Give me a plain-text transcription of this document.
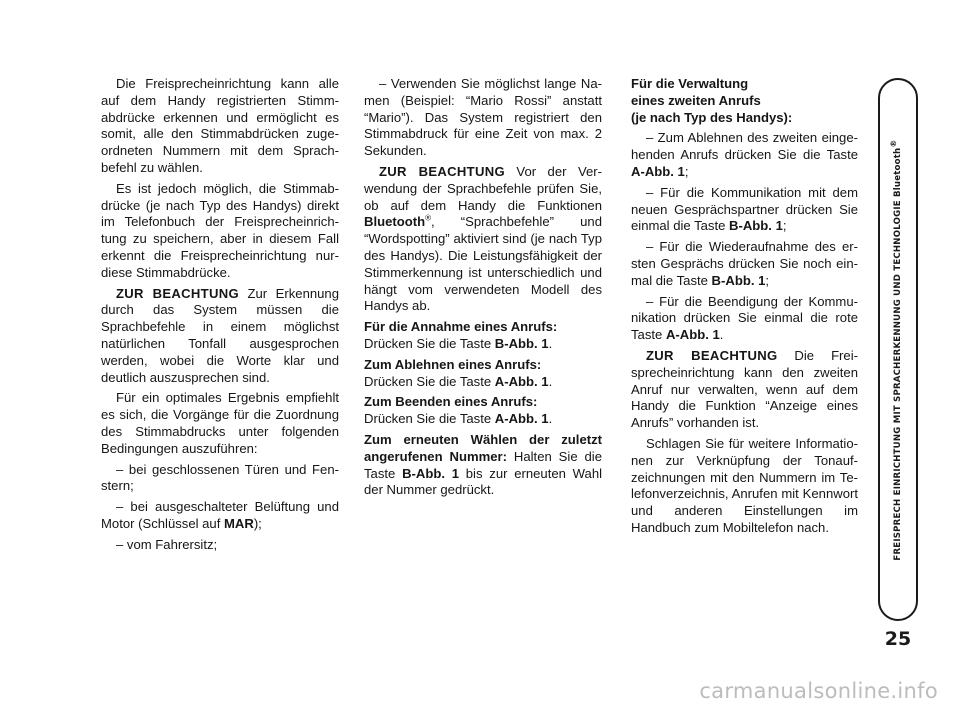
Die Freisprecheinrichtung kann alle auf dem Handy registrierten Stimmabdrücke erkennen und ermöglicht es somit, alle den Stimmabdrücken zugeordneten Nummern mit dem Sprachbefehl zu wählen.

Es ist jedoch möglich, die Stimmabdrücke (je nach Typ des Handys) direkt im Telefonbuch der Freisprecheinrichtung zu speichern, aber in diesem Fall erkennt die Freisprecheinrichtung nurdiese Stimmabdrücke.

ZUR BEACHTUNG Zur Erkennung durch das System müssen die Sprachbefehle in einem möglichst natürlichen Tonfall ausgesprochen werden, wobei die Worte klar und deutlich auszusprechen sind.

Für ein optimales Ergebnis empfiehlt es sich, die Vorgänge für die Zuordnung des Stimmabdrucks unter folgenden Bedingungen auszuführen:

– bei geschlossenen Türen und Fenstern;

– bei ausgeschalteter Belüftung und Motor (Schlüssel auf MAR);

– vom Fahrersitz;

– Verwenden Sie möglichst lange Namen (Beispiel: “Mario Rossi” anstatt “Mario”). Das System registriert den Stimmabdruck für eine Zeit von max. 2 Sekunden.

ZUR BEACHTUNG Vor der Verwendung der Sprachbefehle prüfen Sie, ob auf dem Handy die Funktionen Bluetooth®, “Sprachbefehle” und “Wordspotting” aktiviert sind (je nach Typ des Handys). Die Leistungsfähigkeit der Stimmerkennung ist unterschiedlich und hängt vom verwendeten Modell des Handys ab.

Für die Annahme eines Anrufs:
Drücken Sie die Taste B-Abb. 1.

Zum Ablehnen eines Anrufs:
Drücken Sie die Taste A-Abb. 1.

Zum Beenden eines Anrufs:
Drücken Sie die Taste A-Abb. 1.

Zum erneuten Wählen der zuletzt angerufenen Nummer: Halten Sie die Taste B-Abb. 1 bis zur erneuten Wahl der Nummer gedrückt.

Für die Verwaltung
eines zweiten Anrufs
(je nach Typ des Handys):

– Zum Ablehnen des zweiten eingehenden Anrufs drücken Sie die Taste A-Abb. 1;

– Für die Kommunikation mit dem neuen Gesprächspartner drücken Sie einmal die Taste B-Abb. 1;

– Für die Wiederaufnahme des ersten Gesprächs drücken Sie noch einmal die Taste B-Abb. 1;

– Für die Beendigung der Kommunikation drücken Sie einmal die rote Taste A-Abb. 1.

ZUR BEACHTUNG Die Freisprecheinrichtung kann den zweiten Anruf nur verwalten, wenn auf dem Handy die Funktion “Anzeige eines Anrufs” vorhanden ist.

Schlagen Sie für weitere Informationen zur Verknüpfung der Tonaufzeichnungen mit den Nummern im Telefonverzeichnis, Anrufen mit Kennwort und anderen Einstellungen im Handbuch zum Mobiltelefon nach.	FREISPRECH EINRICHTUNG MIT SPRACHERKENNUNG UND TECHNOLOGIE Bluetooth®
25
carmanualsonline.info
